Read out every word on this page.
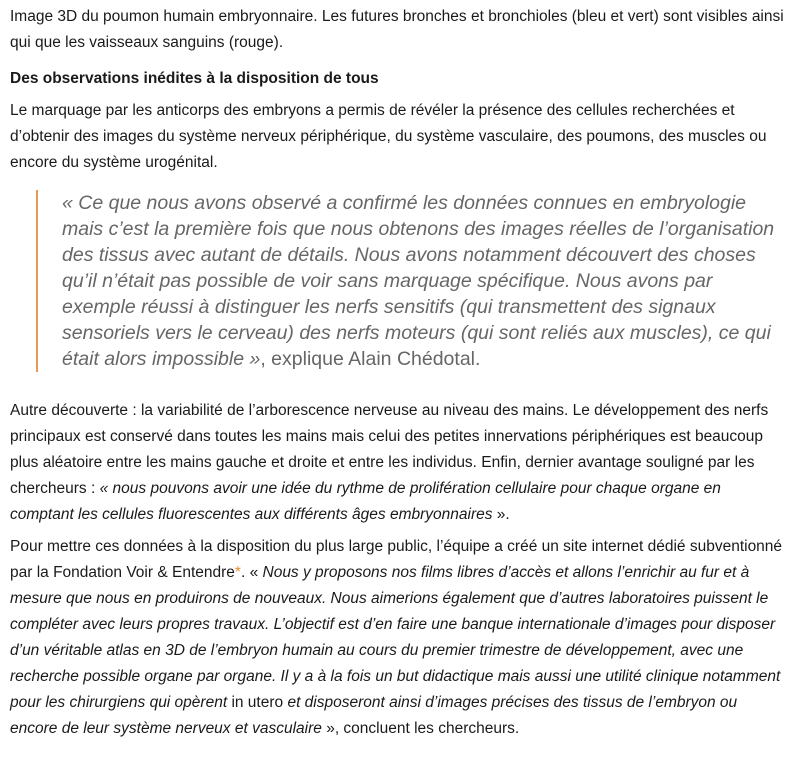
Image 3D du poumon humain embryonnaire. Les futures bronches et bronchioles (bleu et vert) sont visibles ainsi qui que les vaisseaux sanguins (rouge).

Des observations inédites à la disposition de tous

Le marquage par les anticorps des embryons a permis de révéler la présence des cellules recherchées et d’obtenir des images du système nerveux périphérique, du système vasculaire, des poumons, des muscles ou encore du système urogénital.

« Ce que nous avons observé a confirmé les données connues en embryologie mais c’est la première fois que nous obtenons des images réelles de l’organisation des tissus avec autant de détails. Nous avons notamment découvert des choses qu’il n’était pas possible de voir sans marquage spécifique. Nous avons par exemple réussi à distinguer les nerfs sensitifs (qui transmettent des signaux sensoriels vers le cerveau) des nerfs moteurs (qui sont reliés aux muscles), ce qui était alors impossible », explique Alain Chédotal.

Autre découverte : la variabilité de l’arborescence nerveuse au niveau des mains. Le développement des nerfs principaux est conservé dans toutes les mains mais celui des petites innervations périphériques est beaucoup plus aléatoire entre les mains gauche et droite et entre les individus. Enfin, dernier avantage souligné par les chercheurs : « nous pouvons avoir une idée du rythme de prolifération cellulaire pour chaque organe en comptant les cellules fluorescentes aux différents âges embryonnaires ».

Pour mettre ces données à la disposition du plus large public, l’équipe a créé un site internet dédié subventionné par la Fondation Voir & Entendre*. « Nous y proposons nos films libres d’accès et allons l’enrichir au fur et à mesure que nous en produirons de nouveaux. Nous aimerions également que d’autres laboratoires puissent le compléter avec leurs propres travaux. L’objectif est d’en faire une banque internationale d’images pour disposer d’un véritable atlas en 3D de l’embryon humain au cours du premier trimestre de développement, avec une recherche possible organe par organe. Il y a à la fois un but didactique mais aussi une utilité clinique notamment pour les chirurgiens qui opèrent in utero et disposeront ainsi d’images précises des tissus de l’embryon ou encore de leur système nerveux et vasculaire », concluent les chercheurs.
